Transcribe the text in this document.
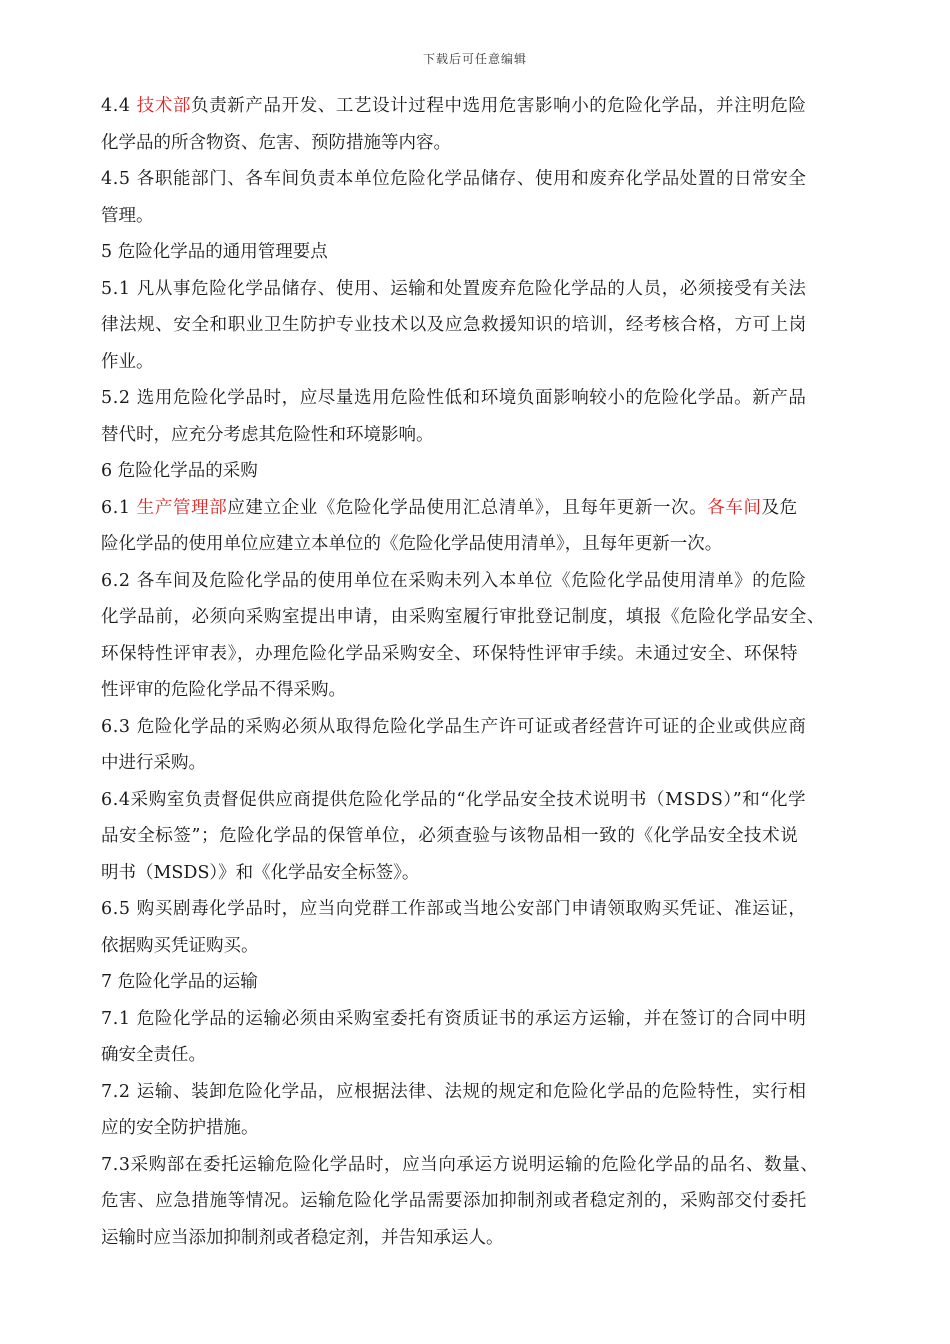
下载后可任意编辑
4.4 技术部负责新产品开发、工艺设计过程中选用危害影响小的危险化学品，并注明危险
化学品的所含物资、危害、预防措施等内容。
4.5 各职能部门、各车间负责本单位危险化学品储存、使用和废弃化学品处置的日常安全
管理。
5 危险化学品的通用管理要点
5.1 凡从事危险化学品储存、使用、运输和处置废弃危险化学品的人员，必须接受有关法
律法规、安全和职业卫生防护专业技术以及应急救援知识的培训，经考核合格，方可上岗
作业。
5.2 选用危险化学品时，应尽量选用危险性低和环境负面影响较小的危险化学品。新产品
替代时，应充分考虑其危险性和环境影响。
6 危险化学品的采购
6.1 生产管理部应建立企业《危险化学品使用汇总清单》，且每年更新一次。各车间及危
险化学品的使用单位应建立本单位的《危险化学品使用清单》，且每年更新一次。
6.2 各车间及危险化学品的使用单位在采购未列入本单位《危险化学品使用清单》的危险
化学品前，必须向采购室提出申请，由采购室履行审批登记制度，填报《危险化学品安全、
环保特性评审表》，办理危险化学品采购安全、环保特性评审手续。未通过安全、环保特
性评审的危险化学品不得采购。
6.3 危险化学品的采购必须从取得危险化学品生产许可证或者经营许可证的企业或供应商
中进行采购。
6.4采购室负责督促供应商提供危险化学品的“化学品安全技术说明书（MSDS）”和“化学
品安全标签”；危险化学品的保管单位，必须查验与该物品相一致的《化学品安全技术说
明书（MSDS）》和《化学品安全标签》。
6.5 购买剧毒化学品时，应当向党群工作部或当地公安部门申请领取购买凭证、准运证，
依据购买凭证购买。
7 危险化学品的运输
7.1 危险化学品的运输必须由采购室委托有资质证书的承运方运输，并在签订的合同中明
确安全责任。
7.2 运输、装卸危险化学品，应根据法律、法规的规定和危险化学品的危险特性，实行相
应的安全防护措施。
7.3采购部在委托运输危险化学品时，应当向承运方说明运输的危险化学品的品名、数量、
危害、应急措施等情况。运输危险化学品需要添加抑制剂或者稳定剂的，采购部交付委托
运输时应当添加抑制剂或者稳定剂，并告知承运人。
